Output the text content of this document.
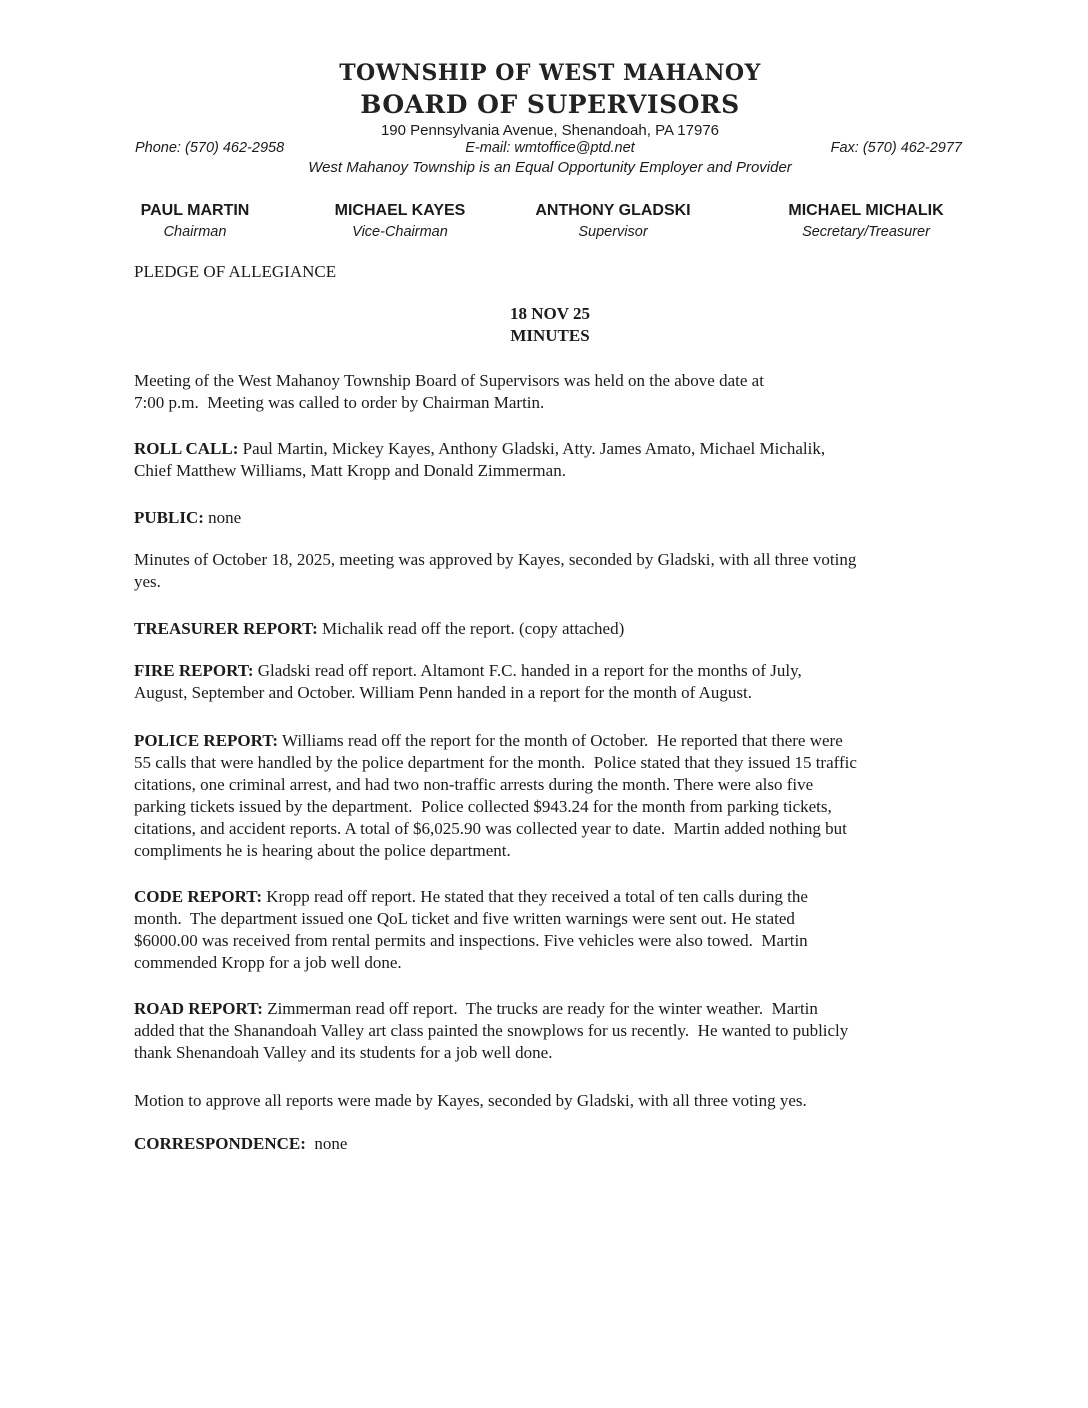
TOWNSHIP OF WEST MAHANOY
BOARD OF SUPERVISORS
190 Pennsylvania Avenue, Shenandoah, PA 17976
Phone: (570) 462-2958	E-mail: wmtoffice@ptd.net	Fax: (570) 462-2977
West Mahanoy Township is an Equal Opportunity Employer and Provider
PAUL MARTIN
Chairman
MICHAEL KAYES
Vice-Chairman
ANTHONY GLADSKI
Supervisor
MICHAEL MICHALIK
Secretary/Treasurer
PLEDGE OF ALLEGIANCE
18 NOV 25
MINUTES
Meeting of the West Mahanoy Township Board of Supervisors was held on the above date at
7:00 p.m.  Meeting was called to order by Chairman Martin.
ROLL CALL: Paul Martin, Mickey Kayes, Anthony Gladski, Atty. James Amato, Michael Michalik,
Chief Matthew Williams, Matt Kropp and Donald Zimmerman.
PUBLIC: none
Minutes of October 18, 2025, meeting was approved by Kayes, seconded by Gladski, with all three voting
yes.
TREASURER REPORT: Michalik read off the report. (copy attached)
FIRE REPORT: Gladski read off report. Altamont F.C. handed in a report for the months of July,
August, September and October. William Penn handed in a report for the month of August.
POLICE REPORT: Williams read off the report for the month of October.  He reported that there were
55 calls that were handled by the police department for the month.  Police stated that they issued 15 traffic
citations, one criminal arrest, and had two non-traffic arrests during the month. There were also five
parking tickets issued by the department.  Police collected $943.24 for the month from parking tickets,
citations, and accident reports. A total of $6,025.90 was collected year to date.  Martin added nothing but
compliments he is hearing about the police department.
CODE REPORT: Kropp read off report. He stated that they received a total of ten calls during the
month.  The department issued one QoL ticket and five written warnings were sent out. He stated
$6000.00 was received from rental permits and inspections. Five vehicles were also towed.  Martin
commended Kropp for a job well done.
ROAD REPORT: Zimmerman read off report.  The trucks are ready for the winter weather.  Martin
added that the Shanandoah Valley art class painted the snowplows for us recently.  He wanted to publicly
thank Shenandoah Valley and its students for a job well done.
Motion to approve all reports were made by Kayes, seconded by Gladski, with all three voting yes.
CORRESPONDENCE:  none
